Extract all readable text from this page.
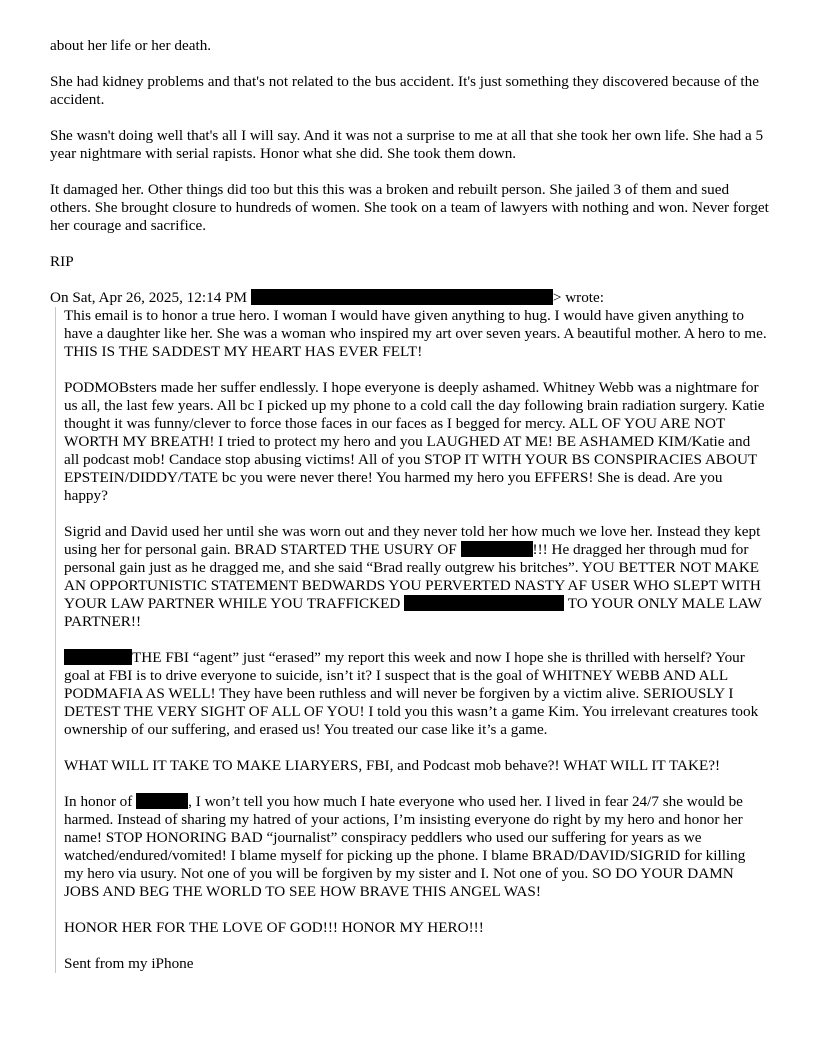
about her life or her death.

She had kidney problems and that's not related to the bus accident. It's just something they discovered because of the accident.

She wasn't doing well that's all I will say. And it was not a surprise to me at all that she took her own life. She had a 5 year nightmare with serial rapists. Honor what she did. She took them down.

It damaged her. Other things did too but this this was a broken and rebuilt person. She jailed 3 of them and sued others. She brought closure to hundreds of women. She took on a team of lawyers with nothing and won. Never forget her courage and sacrifice.

RIP

On Sat, Apr 26, 2025, 12:14 PM	> wrote:

This email is to honor a true hero. I woman I would have given anything to hug. I would have given anything to have a daughter like her. She was a woman who inspired my art over seven years. A beautiful mother. A hero to me. THIS IS THE SADDEST MY HEART HAS EVER FELT!

PODMOBsters made her suffer endlessly. I hope everyone is deeply ashamed. Whitney Webb was a nightmare for us all, the last few years. All bc I picked up my phone to a cold call the day following brain radiation surgery. Katie thought it was funny/clever to force those faces in our faces as I begged for mercy. ALL OF YOU ARE NOT WORTH MY BREATH! I tried to protect my hero and you LAUGHED AT ME! BE ASHAMED KIM/Katie and all podcast mob! Candace stop abusing victims! All of you STOP IT WITH YOUR BS CONSPIRACIES ABOUT EPSTEIN/DIDDY/TATE bc you were never there! You harmed my hero you EFFERS! She is dead. Are you happy?

Sigrid and David used her until she was worn out and they never told her how much we love her. Instead they kept using her for personal gain. BRAD STARTED THE USURY OF	!!! He dragged her through mud for personal gain just as he dragged me, and she said “Brad really outgrew his britches”. YOU BETTER NOT MAKE AN OPPORTUNISTIC STATEMENT BEDWARDS YOU PERVERTED NASTY AF USER WHO SLEPT WITH YOUR LAW PARTNER WHILE YOU TRAFFICKED	TO YOUR ONLY MALE LAW PARTNER!!

THE FBI “agent” just “erased” my report this week and now I hope she is thrilled with herself? Your goal at FBI is to drive everyone to suicide, isn’t it? I suspect that is the goal of WHITNEY WEBB AND ALL PODMAFIA AS WELL! They have been ruthless and will never be forgiven by a victim alive. SERIOUSLY I DETEST THE VERY SIGHT OF ALL OF YOU! I told you this wasn’t a game Kim. You irrelevant creatures took ownership of our suffering, and erased us! You treated our case like it’s a game.

WHAT WILL IT TAKE TO MAKE LIARYERS, FBI, and Podcast mob behave?! WHAT WILL IT TAKE?!

In honor of	, I won’t tell you how much I hate everyone who used her. I lived in fear 24/7 she would be harmed. Instead of sharing my hatred of your actions, I’m insisting everyone do right by my hero and honor her name! STOP HONORING BAD “journalist” conspiracy peddlers who used our suffering for years as we watched/endured/vomited! I blame myself for picking up the phone. I blame BRAD/DAVID/SIGRID for killing my hero via usury. Not one of you will be forgiven by my sister and I. Not one of you. SO DO YOUR DAMN JOBS AND BEG THE WORLD TO SEE HOW BRAVE THIS ANGEL WAS!

HONOR HER FOR THE LOVE OF GOD!!! HONOR MY HERO!!!

Sent from my iPhone
